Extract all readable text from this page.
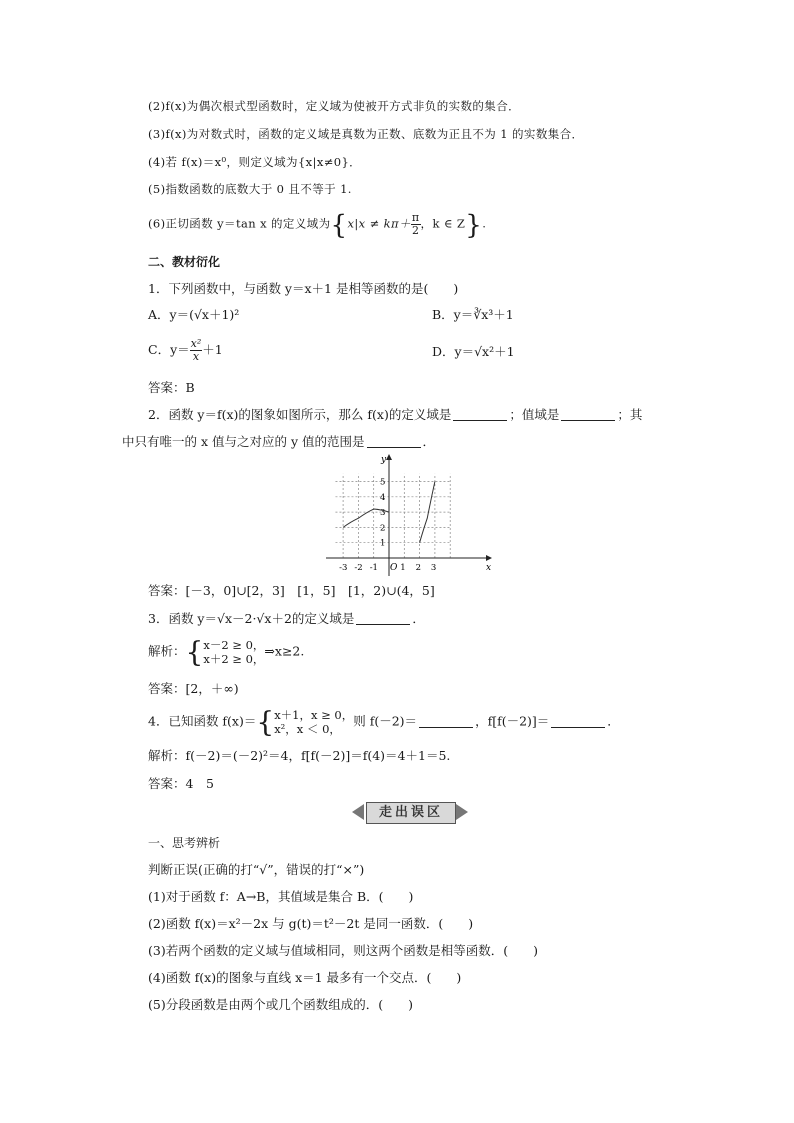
(2)f(x)为偶次根式型函数时，定义域为使被开方式非负的实数的集合．
(3)f(x)为对数式时，函数的定义域是真数为正数、底数为正且不为 1 的实数集合．
(4)若 f(x)＝x⁰，则定义域为{x|x≠0}．
(5)指数函数的底数大于 0 且不等于 1.
(6)正切函数 y＝tan x 的定义域为{$x|x \ne k\pi+ \frac{\pi}{2}$ ，k ∈ Z}.
二、教材衍化
1．下列函数中，与函数 y＝x＋1 是相等函数的是(　　)
A．y＝(√x＋1)²	B．y＝∛x³＋1
C．$y= \frac{\text{x²}}{x} +1$	D．y＝√x²＋1
答案：B
2．函数 y＝f(x)的图象如图所示，那么 f(x)的定义域是	；值域是	；其
中只有唯一的 x 值与之对应的 y 值的范围是	．
x
y
O
-3 -2 -1	1 2 3
1
2
3
4
5
答案：[－3，0]∪[2，3]　[1，5]　[1，2)∪(4，5]
3．函数 y＝√x－2·√x＋2的定义域是	．
解析：{ x－2 ≥ 0，
x＋2 ≥ 0，
⇒x≥2.
答案：[2，＋∞)
4．已知函数 f(x)＝{ x＋1，x ≥ 0，
x²，x ＜ 0，
则 f(－2)＝	，f[f(－2)]＝	．
解析：f(－2)＝(－2)²＝4，f[f(－2)]＝f(4)＝4＋1＝5.
答案：4　5
走出误区
一、思考辨析
判断正误(正确的打“√”，错误的打“×”)
(1)对于函数 f：A→B，其值域是集合 B．(　　)
(2)函数 f(x)＝x²－2x 与 g(t)＝t²－2t 是同一函数．(　　)
(3)若两个函数的定义域与值域相同，则这两个函数是相等函数．(　　)
(4)函数 f(x)的图象与直线 x＝1 最多有一个交点．(　　)
(5)分段函数是由两个或几个函数组成的．(　　)
